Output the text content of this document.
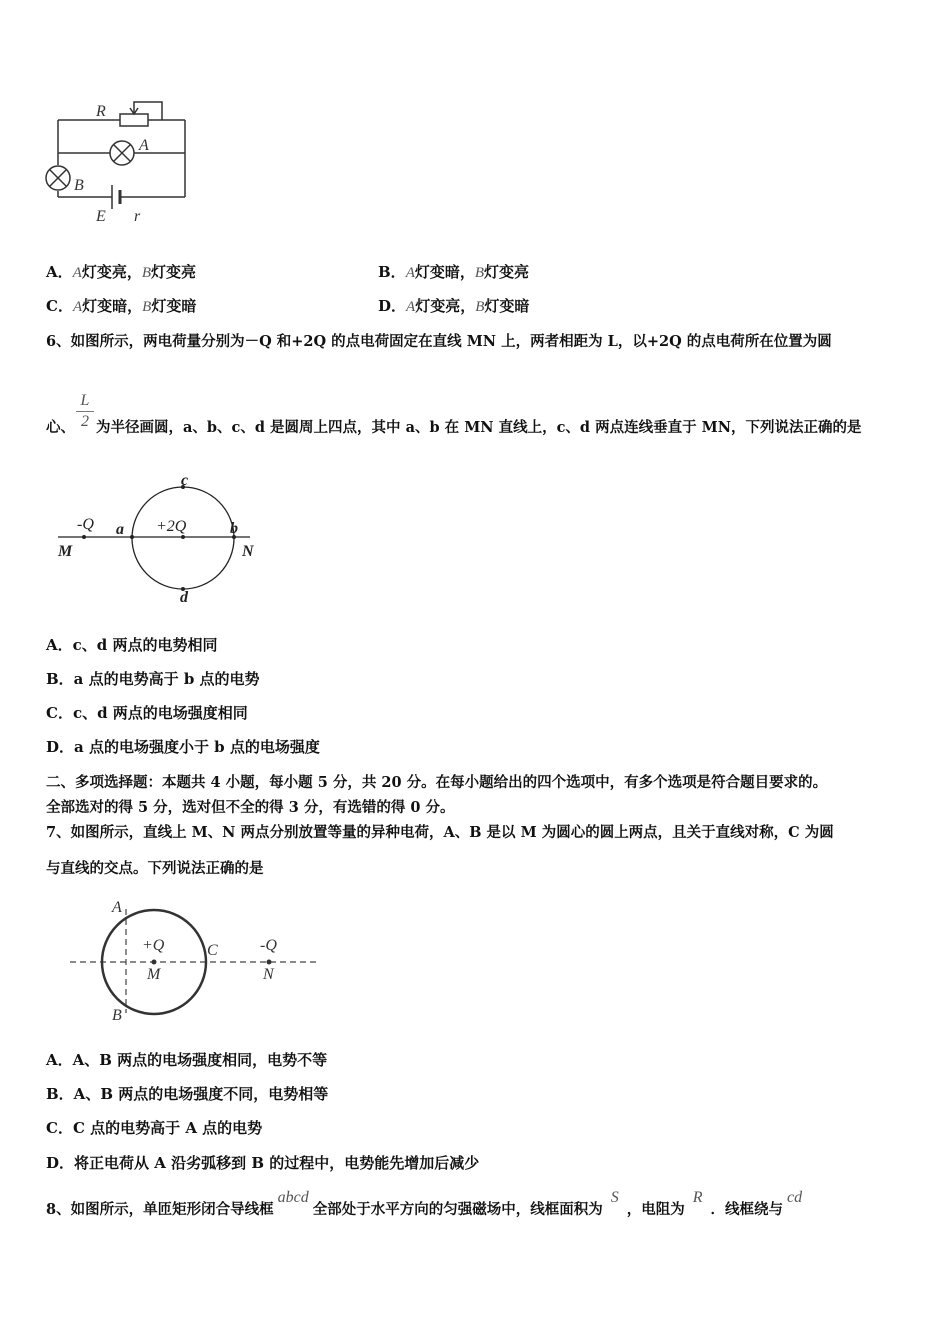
R
A
B
E r
A．A灯变亮，B灯变亮	B．A灯变暗，B灯变亮
C．A灯变暗，B灯变暗	D．A灯变亮，B灯变暗
6、如图所示，两电荷量分别为－Q 和+2Q 的点电荷固定在直线 MN 上，两者相距为 L，以+2Q 的点电荷所在位置为圆
L
2
心、 为半径画圆，a、b、c、d 是圆周上四点，其中 a、b 在 MN 直线上，c、d 两点连线垂直于 MN，下列说法正确的是
-Q	+2Q
a	b
c
d
M	N
A．c、d 两点的电势相同
B．a 点的电势高于 b 点的电势
C．c、d 两点的电场强度相同
D．a 点的电场强度小于 b 点的电场强度
二、多项选择题：本题共 4 小题，每小题 5 分，共 20 分。在每小题给出的四个选项中，有多个选项是符合题目要求的。
全部选对的得 5 分，选对但不全的得 3 分，有选错的得 0 分。
7、如图所示，直线上 M、N 两点分别放置等量的异种电荷，A、B 是以 M 为圆心的圆上两点，且关于直线对称，C 为圆
与直线的交点。下列说法正确的是
A
B
C
+Q
M
-Q
N
A．A、B 两点的电场强度相同，电势不等
B．A、B 两点的电场强度不同，电势相等
C．C 点的电势高于 A 点的电势
D．将正电荷从 A 沿劣弧移到 B 的过程中，电势能先增加后减少
8、如图所示，单匝矩形闭合导线框abcd全部处于水平方向的匀强磁场中，线框面积为S，电阻为R．线框绕与cd
